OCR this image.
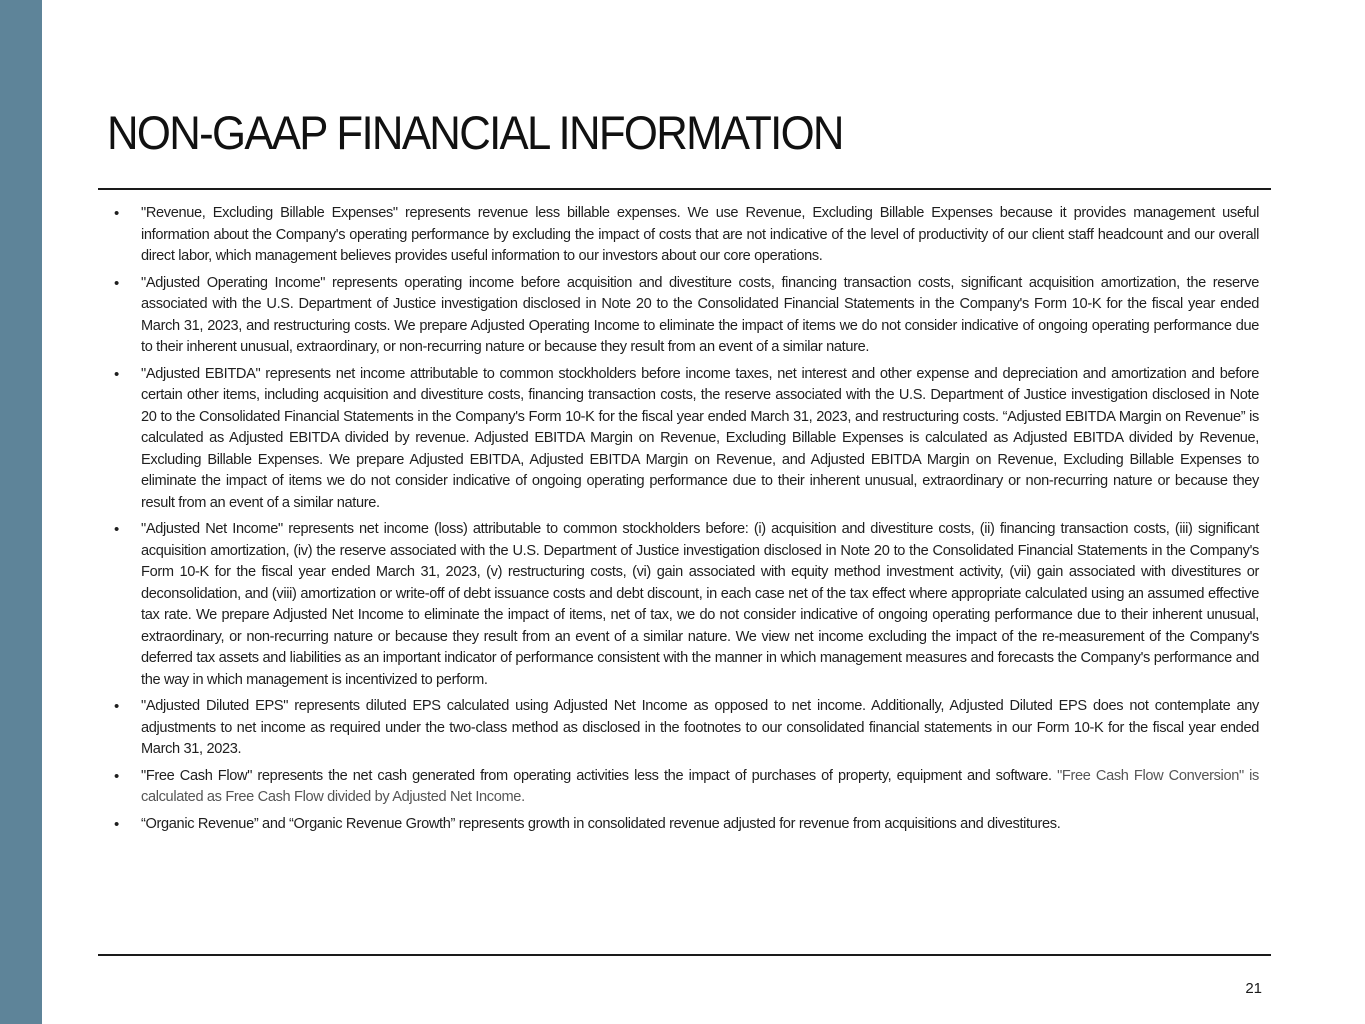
NON-GAAP FINANCIAL INFORMATION
• "Revenue, Excluding Billable Expenses" represents revenue less billable expenses. We use Revenue, Excluding Billable Expenses because it provides management useful information about the Company's operating performance by excluding the impact of costs that are not indicative of the level of productivity of our client staff headcount and our overall direct labor, which management believes provides useful information to our investors about our core operations.
• "Adjusted Operating Income" represents operating income before acquisition and divestiture costs, financing transaction costs, significant acquisition amortization, the reserve associated with the U.S. Department of Justice investigation disclosed in Note 20 to the Consolidated Financial Statements in the Company's Form 10-K for the fiscal year ended March 31, 2023, and restructuring costs. We prepare Adjusted Operating Income to eliminate the impact of items we do not consider indicative of ongoing operating performance due to their inherent unusual, extraordinary, or non-recurring nature or because they result from an event of a similar nature.
• "Adjusted EBITDA" represents net income attributable to common stockholders before income taxes, net interest and other expense and depreciation and amortization and before certain other items, including acquisition and divestiture costs, financing transaction costs, the reserve associated with the U.S. Department of Justice investigation disclosed in Note 20 to the Consolidated Financial Statements in the Company's Form 10-K for the fiscal year ended March 31, 2023, and restructuring costs. “Adjusted EBITDA Margin on Revenue” is calculated as Adjusted EBITDA divided by revenue. Adjusted EBITDA Margin on Revenue, Excluding Billable Expenses is calculated as Adjusted EBITDA divided by Revenue, Excluding Billable Expenses. We prepare Adjusted EBITDA, Adjusted EBITDA Margin on Revenue, and Adjusted EBITDA Margin on Revenue, Excluding Billable Expenses to eliminate the impact of items we do not consider indicative of ongoing operating performance due to their inherent unusual, extraordinary or non-recurring nature or because they result from an event of a similar nature.
• "Adjusted Net Income" represents net income (loss) attributable to common stockholders before: (i) acquisition and divestiture costs, (ii) financing transaction costs, (iii) significant acquisition amortization, (iv) the reserve associated with the U.S. Department of Justice investigation disclosed in Note 20 to the Consolidated Financial Statements in the Company's Form 10-K for the fiscal year ended March 31, 2023, (v) restructuring costs, (vi) gain associated with equity method investment activity, (vii) gain associated with divestitures or deconsolidation, and (viii) amortization or write-off of debt issuance costs and debt discount, in each case net of the tax effect where appropriate calculated using an assumed effective tax rate. We prepare Adjusted Net Income to eliminate the impact of items, net of tax, we do not consider indicative of ongoing operating performance due to their inherent unusual, extraordinary, or non-recurring nature or because they result from an event of a similar nature. We view net income excluding the impact of the re-measurement of the Company's deferred tax assets and liabilities as an important indicator of performance consistent with the manner in which management measures and forecasts the Company's performance and the way in which management is incentivized to perform.
• "Adjusted Diluted EPS" represents diluted EPS calculated using Adjusted Net Income as opposed to net income. Additionally, Adjusted Diluted EPS does not contemplate any adjustments to net income as required under the two-class method as disclosed in the footnotes to our consolidated financial statements in our Form 10-K for the fiscal year ended March 31, 2023.
• "Free Cash Flow" represents the net cash generated from operating activities less the impact of purchases of property, equipment and software. "Free Cash Flow Conversion" is calculated as Free Cash Flow divided by Adjusted Net Income.
• “Organic Revenue” and “Organic Revenue Growth” represents growth in consolidated revenue adjusted for revenue from acquisitions and divestitures.
21
